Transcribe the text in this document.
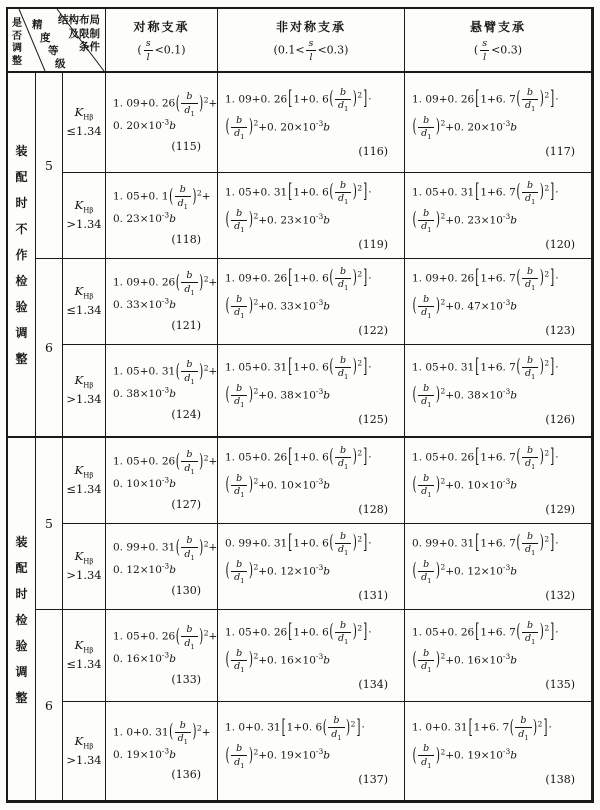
是
否
调
整
精
度
等
级
结构布局
及限制
条件
对称支承
( $\frac{s}{l} <0.1$)
非对称支承
$(0.1< \frac{s}{l} <0.3)$
悬臂支承
( $\frac{s}{l} <0.3$)
装
配
时
不
作
检
验
调
整
5
6
$K_{H\beta}$
≤1.34
1. 09+0. $26( \frac{b}{d_1} )^2+$
0. $20\times 10^{-3}b$
(115)
1. 09+0. 26[1+0. $6( \frac{b}{d_1} )^2]\cdot$
( $\frac{b}{d_1} )^2+0$. $20\times 10^{-3}b$
(116)
1. 09+0. 26[1+6. $7( \frac{b}{d_1} )^2]\cdot$
( $\frac{b}{d_1} )^2+0$. $20\times 10^{-3}b$
(117)
$K_{H\beta}$
>1.34
1. 05+0. $1( \frac{b}{d_1} )^2+$
0. $23\times 10^{-3}b$
(118)
1. 05+0. 31[1+0. $6( \frac{b}{d_1} )^2]\cdot$
( $\frac{b}{d_1} )^2+0$. $23\times 10^{-3}b$
(119)
1. 05+0. 31[1+6. $7( \frac{b}{d_1} )^2]\cdot$
( $\frac{b}{d_1} )^2+0$. $23\times 10^{-3}b$
(120)
$K_{H\beta}$
≤1.34
1. 09+0. $26( \frac{b}{d_1} )^2+$
0. $33\times 10^{-3}b$
(121)
1. 09+0. 26[1+0. $6( \frac{b}{d_1} )^2]\cdot$
( $\frac{b}{d_1} )^2+0$. $33\times 10^{-3}b$
(122)
1. 09+0. 26[1+6. $7( \frac{b}{d_1} )^2]\cdot$
( $\frac{b}{d_1} )^2+0$. $47\times 10^{-3}b$
(123)
$K_{H\beta}$
>1.34
1. 05+0. $31( \frac{b}{d_1} )^2+$
0. $38\times 10^{-3}b$
(124)
1. 05+0. 31[1+0. $6( \frac{b}{d_1} )^2]\cdot$
( $\frac{b}{d_1} )^2+0$. $38\times 10^{-3}b$
(125)
1. 05+0. 31[1+6. $7( \frac{b}{d_1} )^2]\cdot$
( $\frac{b}{d_1} )^2+0$. $38\times 10^{-3}b$
(126)
装
配
时
检
验
调
整
5
6
$K_{H\beta}$
≤1.34
1. 05+0. $26( \frac{b}{d_1} )^2+$
0. $10\times 10^{-3}b$
(127)
1. 05+0. 26[1+0. $6( \frac{b}{d_1} )^2]\cdot$
( $\frac{b}{d_1} )^2+0$. $10\times 10^{-3}b$
(128)
1. 05+0. 26[1+6. $7( \frac{b}{d_1} )^2]\cdot$
( $\frac{b}{d_1} )^2+0$. $10\times 10^{-3}b$
(129)
$K_{H\beta}$
>1.34
0. 99+0. $31( \frac{b}{d_1} )^2+$
0. $12\times 10^{-3}b$
(130)
0. 99+0. 31[1+0. $6( \frac{b}{d_1} )^2]\cdot$
( $\frac{b}{d_1} )^2+0$. $12\times 10^{-3}b$
(131)
0. 99+0. 31[1+6. $7( \frac{b}{d_1} )^2]\cdot$
( $\frac{b}{d_1} )^2+0$. $12\times 10^{-3}b$
(132)
$K_{H\beta}$
≤1.34
1. 05+0. $26( \frac{b}{d_1} )^2+$
0. $16\times 10^{-3}b$
(133)
1. 05+0. 26[1+0. $6( \frac{b}{d_1} )^2]\cdot$
( $\frac{b}{d_1} )^2+0$. $16\times 10^{-3}b$
(134)
1. 05+0. 26[1+6. $7( \frac{b}{d_1} )^2]\cdot$
( $\frac{b}{d_1} )^2+0$. $16\times 10^{-3}b$
(135)
$K_{H\beta}$
>1.34
1. 0+0. $31( \frac{b}{d_1} )^2+$
0. $19\times 10^{-3}b$
(136)
1. 0+0. 31[1+0. $6( \frac{b}{d_1} )^2]\cdot$
( $\frac{b}{d_1} )^2+0$. $19\times 10^{-3}b$
(137)
1. 0+0. 31[1+6. $7( \frac{b}{d_1} )^2]\cdot$
( $\frac{b}{d_1} )^2+0$. $19\times 10^{-3}b$
(138)
